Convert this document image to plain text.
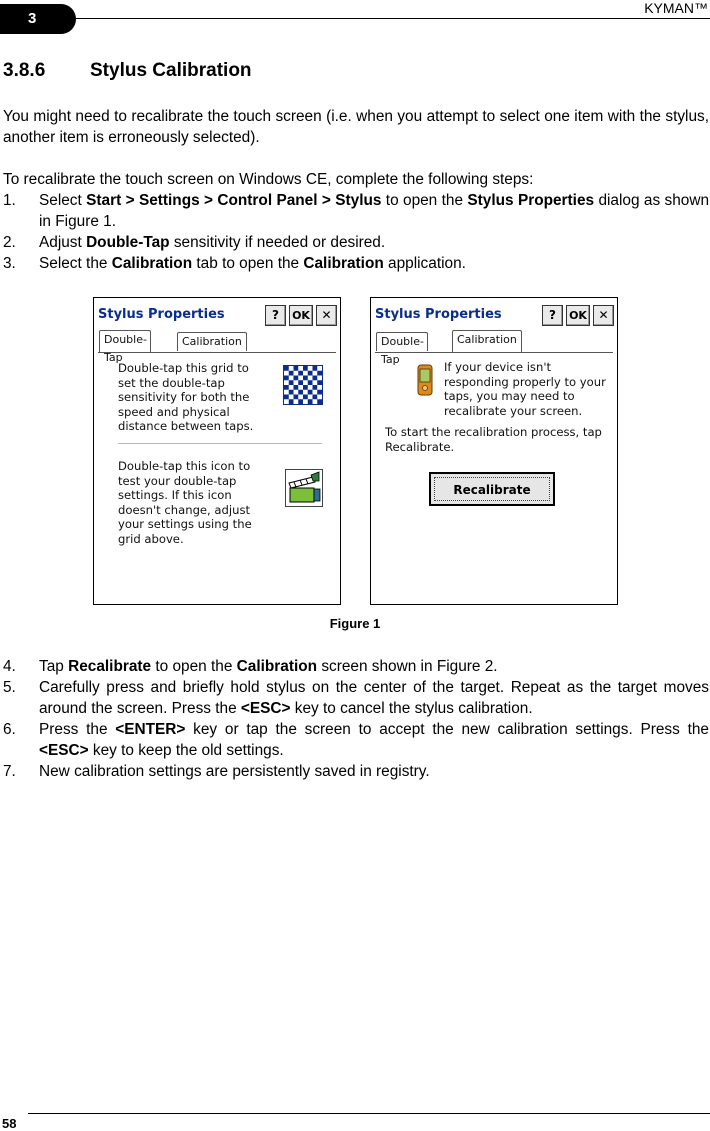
3
KYMAN™
3.8.6 Stylus Calibration
You might need to recalibrate the touch screen (i.e. when you attempt to select one item with the stylus, another item is erroneously selected).
To recalibrate the touch screen on Windows CE, complete the following steps:
1.	Select Start > Settings > Control Panel > Stylus to open the Stylus Properties dialog as shown in Figure 1.
2.	Adjust Double-Tap sensitivity if needed or desired.
3.	Select the Calibration tab to open the Calibration application.
Stylus Properties	?	OK ✕
Double-Tap
Calibration
Double-tap this grid to set the double-tap sensitivity for both the speed and physical distance between taps.
Double-tap this icon to test your double-tap settings. If this icon doesn't change, adjust your settings using the grid above.
Stylus Properties	?	OK ✕
Double-Tap
Calibration
If your device isn't responding properly to your taps, you may need to recalibrate your screen.
To start the recalibration process, tap Recalibrate.
Recalibrate
Figure 1
4.	Tap Recalibrate to open the Calibration screen shown in Figure 2.
5.	Carefully press and briefly hold stylus on the center of the target. Repeat as the target moves around the screen. Press the <ESC> key to cancel the stylus calibration.
6.	Press the <ENTER> key or tap the screen to accept the new calibration settings. Press the <ESC> key to keep the old settings.
7.	New calibration settings are persistently saved in registry.
58
